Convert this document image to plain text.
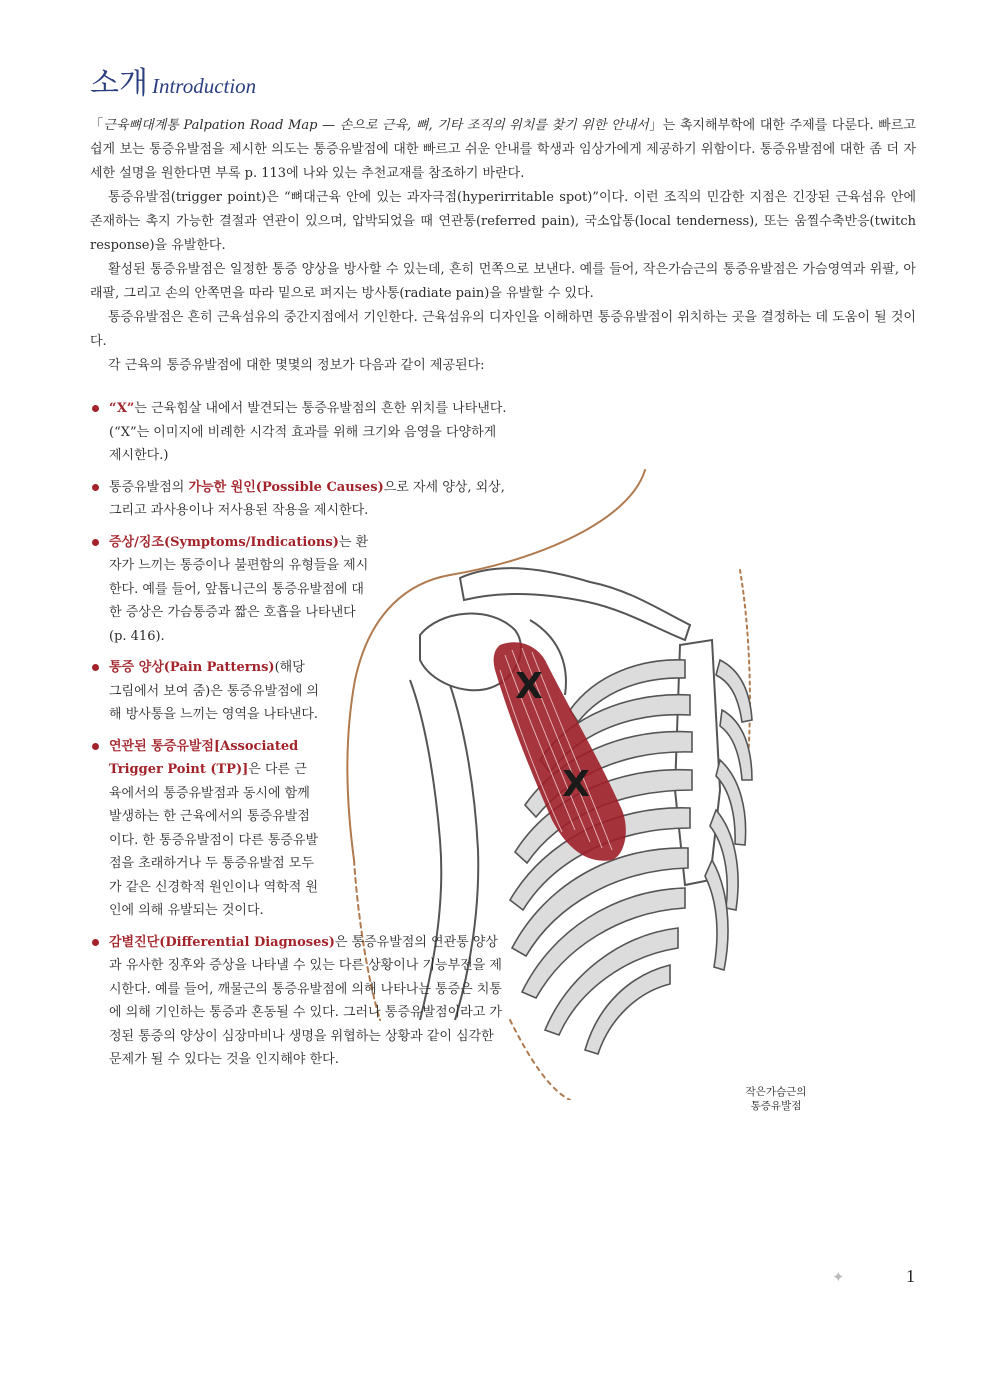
소개 Introduction

「근육뼈대계통 Palpation Road Map — 손으로 근육, 뼈, 기타 조직의 위치를 찾기 위한 안내서」는 촉지해부학에 대한 주제를 다룬다. 빠르고 쉽게 보는 통증유발점을 제시한 의도는 통증유발점에 대한 빠르고 쉬운 안내를 학생과 임상가에게 제공하기 위함이다. 통증유발점에 대한 좀 더 자세한 설명을 원한다면 부록 p. 113에 나와 있는 추천교재를 참조하기 바란다.

통증유발점(trigger point)은 “뼈대근육 안에 있는 과자극점(hyperirritable spot)”이다. 이런 조직의 민감한 지점은 긴장된 근육섬유 안에 존재하는 촉지 가능한 결절과 연관이 있으며, 압박되었을 때 연관통(referred pain), 국소압통(local tenderness), 또는 움찔수축반응(twitch response)을 유발한다.

활성된 통증유발점은 일정한 통증 양상을 방사할 수 있는데, 흔히 먼쪽으로 보낸다. 예를 들어, 작은가슴근의 통증유발점은 가슴영역과 위팔, 아래팔, 그리고 손의 안쪽면을 따라 밑으로 퍼지는 방사통(radiate pain)을 유발할 수 있다.

통증유발점은 흔히 근육섬유의 중간지점에서 기인한다. 근육섬유의 디자인을 이해하면 통증유발점이 위치하는 곳을 결정하는 데 도움이 될 것이다.

각 근육의 통증유발점에 대한 몇몇의 정보가 다음과 같이 제공된다:

X
X
작은가슴근의
통증유발점
“X”는 근육힘살 내에서 발견되는 통증유발점의 흔한 위치를 나타낸다. (“X”는 이미지에 비례한 시각적 효과를 위해 크기와 음영을 다양하게 제시한다.)
통증유발점의 가능한 원인(Possible Causes)으로 자세 양상, 외상, 그리고 과사용이나 저사용된 작용을 제시한다.
증상/징조(Symptoms/Indications)는 환자가 느끼는 통증이나 불편함의 유형들을 제시한다. 예를 들어, 앞톱니근의 통증유발점에 대한 증상은 가슴통증과 짧은 호흡을 나타낸다(p. 416).
통증 양상(Pain Patterns)(해당 그림에서 보여 줌)은 통증유발점에 의해 방사통을 느끼는 영역을 나타낸다.
연관된 통증유발점[Associated Trigger Point (TP)]은 다른 근육에서의 통증유발점과 동시에 함께 발생하는 한 근육에서의 통증유발점이다. 한 통증유발점이 다른 통증유발점을 초래하거나 두 통증유발점 모두가 같은 신경학적 원인이나 역학적 원인에 의해 유발되는 것이다.
감별진단(Differential Diagnoses)은 통증유발점의 연관통 양상과 유사한 징후와 증상을 나타낼 수 있는 다른 상황이나 기능부전을 제시한다. 예를 들어, 깨물근의 통증유발점에 의해 나타나는 통증은 치통에 의해 기인하는 통증과 혼동될 수 있다. 그러나 통증유발점이라고 가정된 통증의 양상이 심장마비나 생명을 위협하는 상황과 같이 심각한 문제가 될 수 있다는 것을 인지해야 한다.
✦	1
